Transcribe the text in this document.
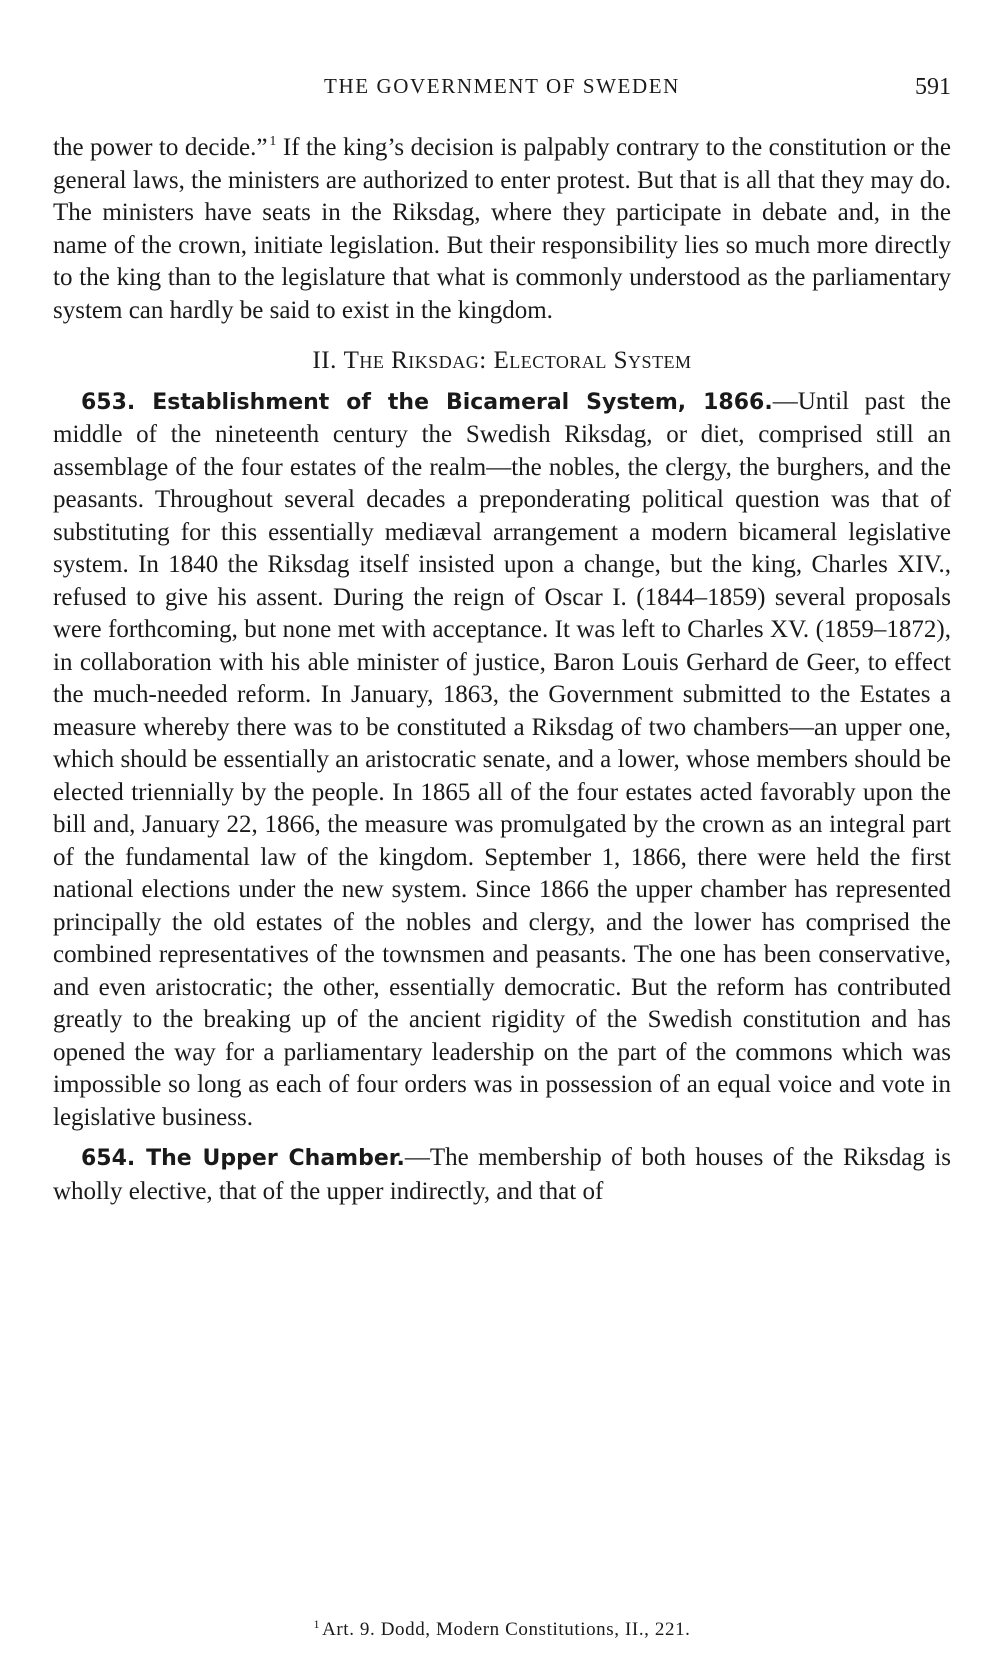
THE GOVERNMENT OF SWEDEN	591

the power to decide.” $^1$ If the king’s decision is palpably contrary to the constitution or the general laws, the ministers are authorized to enter protest. But that is all that they may do. The ministers have seats in the Riksdag, where they participate in debate and, in the name of the crown, initiate legislation. But their responsibility lies so much more directly to the king than to the legislature that what is commonly understood as the parliamentary system can hardly be said to exist in the kingdom.

II. The Riksdag: Electoral System

653. Establishment of the Bicameral System, 1866.—Until past the middle of the nineteenth century the Swedish Riksdag, or diet, comprised still an assemblage of the four estates of the realm—the nobles, the clergy, the burghers, and the peasants. Throughout several decades a preponderating political question was that of substituting for this essentially mediæval arrangement a modern bicameral legislative system. In 1840 the Riksdag itself insisted upon a change, but the king, Charles XIV., refused to give his assent. During the reign of Oscar I. (1844–1859) several proposals were forthcoming, but none met with acceptance. It was left to Charles XV. (1859–1872), in collaboration with his able minister of justice, Baron Louis Gerhard de Geer, to effect the much-needed reform. In January, 1863, the Government submitted to the Estates a measure whereby there was to be constituted a Riksdag of two chambers—an upper one, which should be essentially an aristocratic senate, and a lower, whose members should be elected triennially by the people. In 1865 all of the four estates acted favorably upon the bill and, January 22, 1866, the measure was promulgated by the crown as an integral part of the fundamental law of the kingdom. September 1, 1866, there were held the first national elections under the new system. Since 1866 the upper chamber has represented principally the old estates of the nobles and clergy, and the lower has comprised the combined representatives of the townsmen and peasants. The one has been conservative, and even aristocratic; the other, essentially democratic. But the reform has contributed greatly to the breaking up of the ancient rigidity of the Swedish constitution and has opened the way for a parliamentary leadership on the part of the commons which was impossible so long as each of four orders was in possession of an equal voice and vote in legislative business.

654. The Upper Chamber.—The membership of both houses of the Riksdag is wholly elective, that of the upper indirectly, and that of

$^1$ Art. 9. Dodd, Modern Constitutions, II., 221.
